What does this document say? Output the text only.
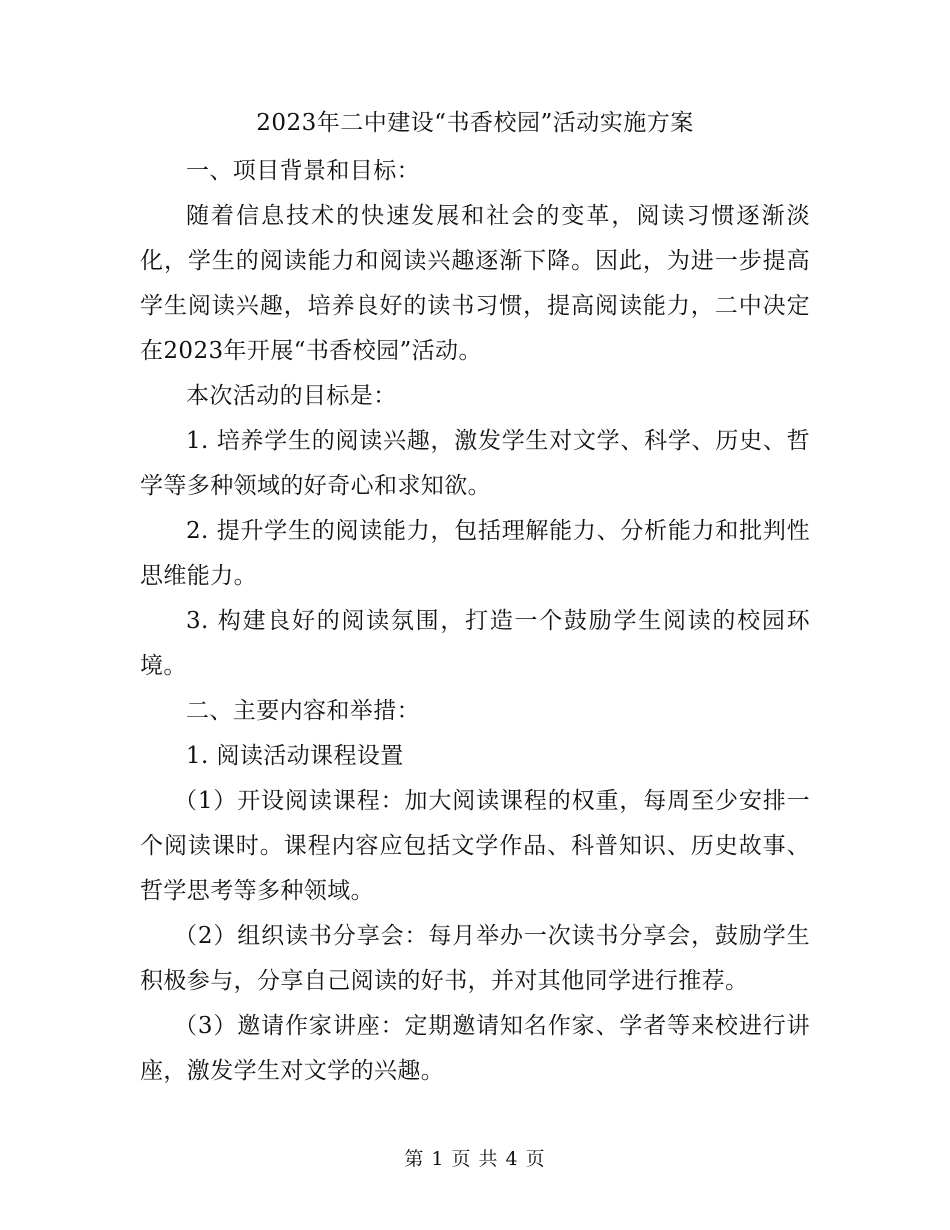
2023年二中建设“书香校园”活动实施方案

一、项目背景和目标：

随着信息技术的快速发展和社会的变革，阅读习惯逐渐淡化，学生的阅读能力和阅读兴趣逐渐下降。因此，为进一步提高学生阅读兴趣，培养良好的读书习惯，提高阅读能力，二中决定在2023年开展“书香校园”活动。

本次活动的目标是：

1. 培养学生的阅读兴趣，激发学生对文学、科学、历史、哲学等多种领域的好奇心和求知欲。

2. 提升学生的阅读能力，包括理解能力、分析能力和批判性思维能力。

3. 构建良好的阅读氛围，打造一个鼓励学生阅读的校园环境。

二、主要内容和举措：

1. 阅读活动课程设置

（1）开设阅读课程：加大阅读课程的权重，每周至少安排一个阅读课时。课程内容应包括文学作品、科普知识、历史故事、哲学思考等多种领域。

（2）组织读书分享会：每月举办一次读书分享会，鼓励学生积极参与，分享自己阅读的好书，并对其他同学进行推荐。

（3）邀请作家讲座：定期邀请知名作家、学者等来校进行讲座，激发学生对文学的兴趣。

第 1 页 共 4 页
